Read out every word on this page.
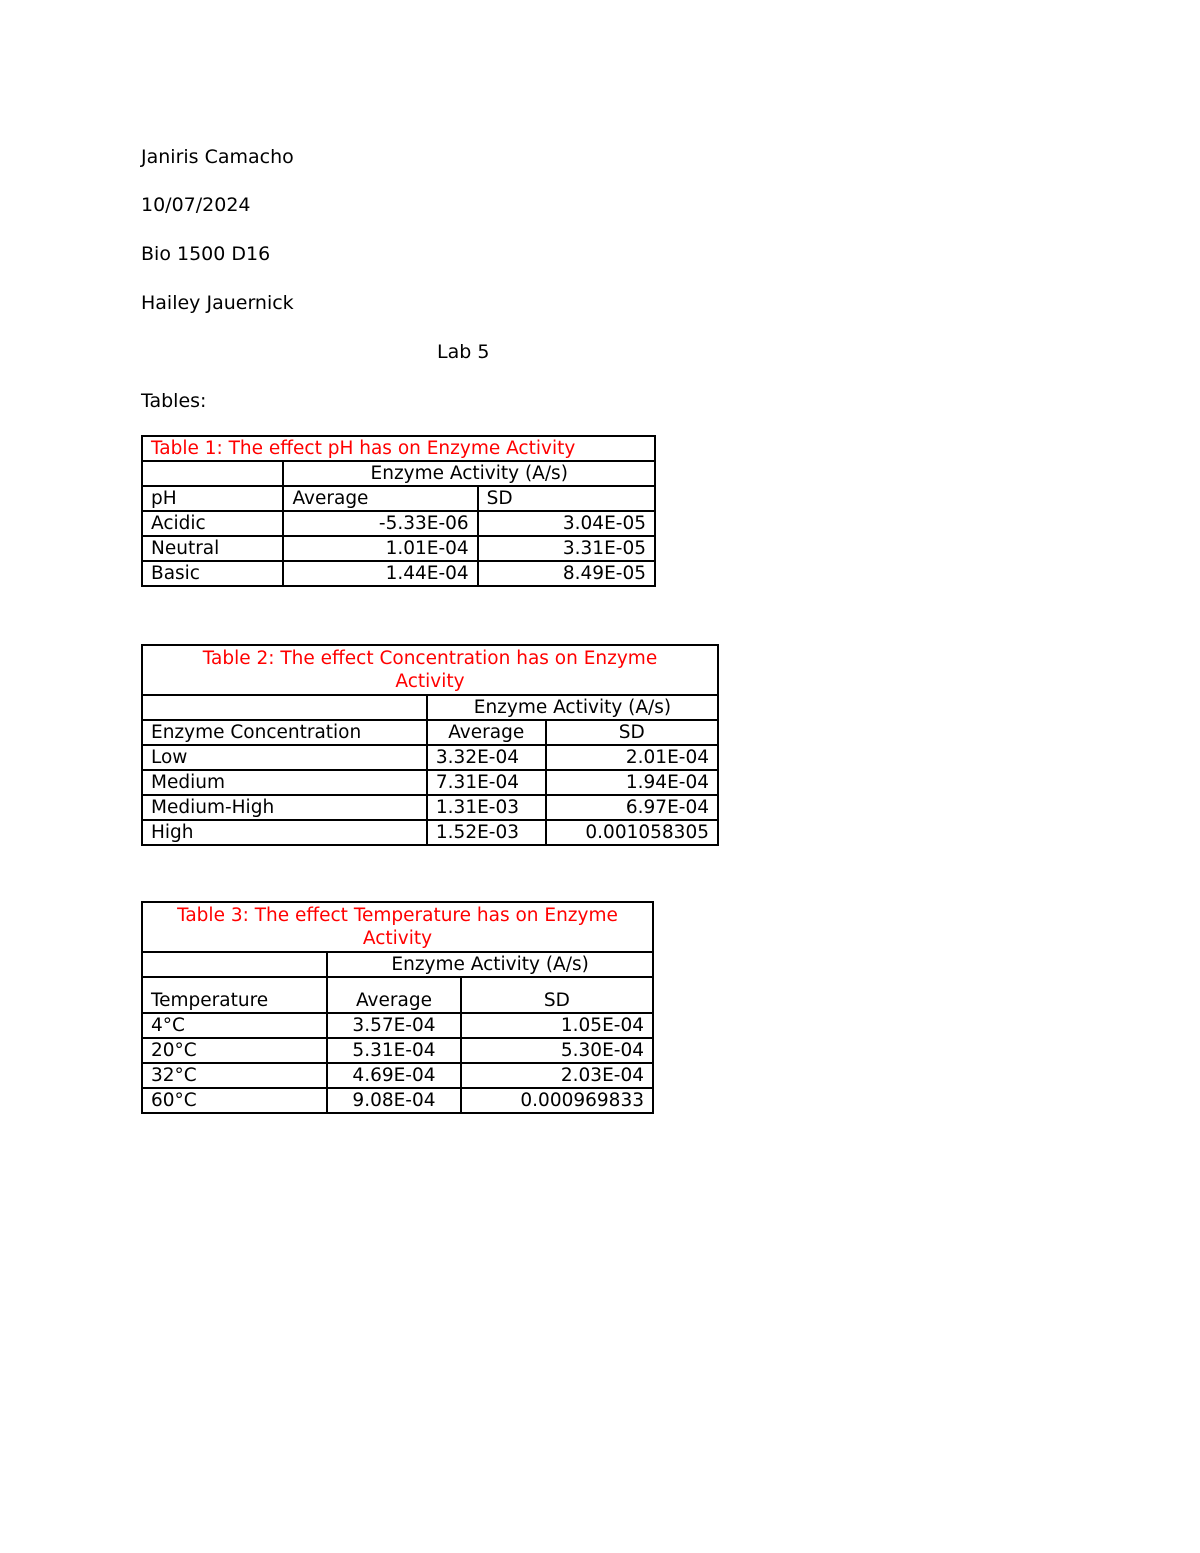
Janiris Camacho
10/07/2024
Bio 1500 D16
Hailey Jauernick
Lab 5
Tables:
Table 1: The effect pH has on Enzyme Activity		
	Enzyme Activity (A/s)	
pH	Average	SD
Acidic	-5.33E-06	3.04E-05
Neutral	1.01E-04	3.31E-05
Basic	1.44E-04	8.49E-05
Table 2: The effect Concentration has on Enzyme Activity		
	Enzyme Activity (A/s)	
Enzyme Concentration	Average	SD
Low	3.32E-04	2.01E-04
Medium	7.31E-04	1.94E-04
Medium-High	1.31E-03	6.97E-04
High	1.52E-03	0.001058305
Table 3: The effect Temperature has on Enzyme Activity		
	Enzyme Activity (A/s)	
Temperature	Average	SD
4°C	3.57E-04	1.05E-04
20°C	5.31E-04	5.30E-04
32°C	4.69E-04	2.03E-04
60°C	9.08E-04	0.000969833
